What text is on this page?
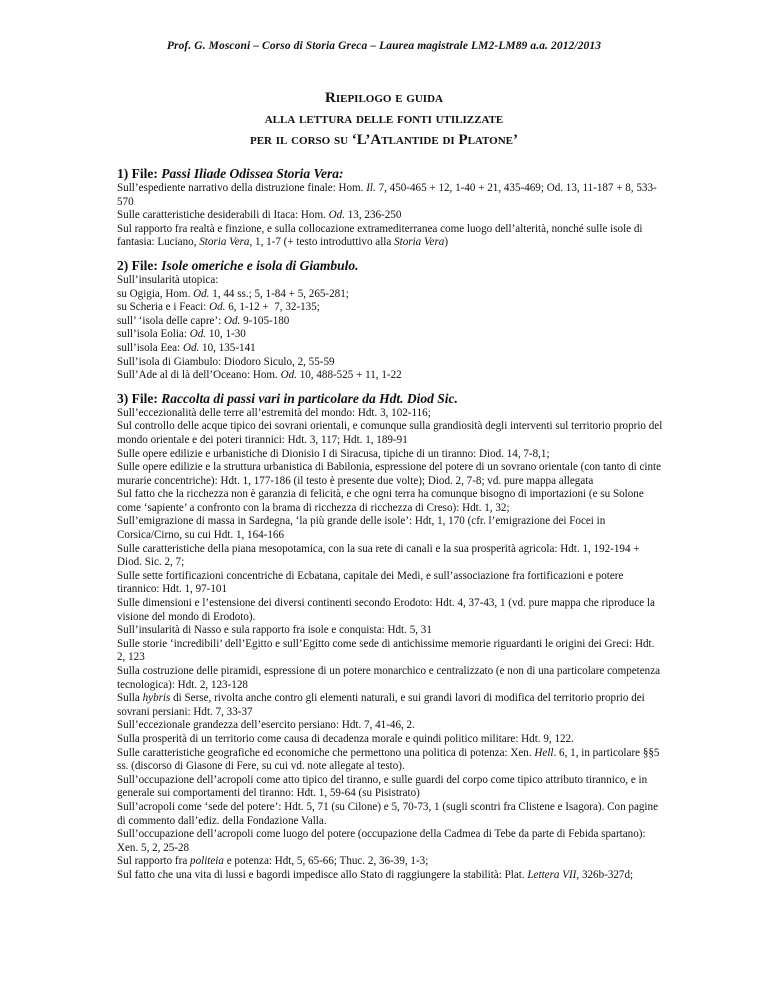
Prof. G. Mosconi – Corso di Storia Greca – Laurea magistrale LM2-LM89 a.a. 2012/2013
Riepilogo e guida
alla lettura delle fonti utilizzate
per il corso su ‘L’Atlantide di Platone’

1) File: Passi Iliade Odissea Storia Vera:

Sull’espediente narrativo della distruzione finale: Hom. Il. 7, 450-465 + 12, 1-40 + 21, 435-469; Od. 13, 11-187 + 8, 533-570

Sulle caratteristiche desiderabili di Itaca: Hom. Od. 13, 236-250

Sul rapporto fra realtà e finzione, e sulla collocazione extramediterranea come luogo dell’alterità, nonché sulle isole di fantasia: Luciano, Storia Vera, 1, 1-7 (+ testo introduttivo alla Storia Vera)

2) File: Isole omeriche e isola di Giambulo.

Sull’insularità utopica:

su Ogigia, Hom. Od. 1, 44 ss.; 5, 1-84 + 5, 265-281;

su Scheria e i Feaci: Od. 6, 1-12 +  7, 32-135;

sull’ ‘isola delle capre’: Od. 9-105-180

sull’isola Eolia: Od. 10, 1-30

sull’isola Eea: Od. 10, 135-141

Sull’isola di Giambulo: Diodoro Siculo, 2, 55-59

Sull’Ade al di là dell’Oceano: Hom. Od. 10, 488-525 + 11, 1-22

3) File: Raccolta di passi vari in particolare da Hdt. Diod Sic.

Sull’eccezionalità delle terre all’estremità del mondo: Hdt. 3, 102-116;

Sul controllo delle acque tipico dei sovrani orientali, e comunque sulla grandiosità degli interventi sul territorio proprio del mondo orientale e dei poteri tirannici: Hdt. 3, 117; Hdt. 1, 189-91

Sulle opere edilizie e urbanistiche di Dionisio I di Siracusa, tipiche di un tiranno: Diod. 14, 7-8,1;

Sulle opere edilizie e la struttura urbanistica di Babilonia, espressione del potere di un sovrano orientale (con tanto di cinte murarie concentriche): Hdt. 1, 177-186 (il testo è presente due volte); Diod. 2, 7-8; vd. pure mappa allegata

Sul fatto che la ricchezza non è garanzia di felicità, e che ogni terra ha comunque bisogno di importazioni (e su Solone come ‘sapiente’ a confronto con la brama di ricchezza di ricchezza di Creso): Hdt. 1, 32;

Sull’emigrazione di massa in Sardegna, ‘la più grande delle isole’: Hdt, 1, 170 (cfr. l’emigrazione dei Focei in Corsica/Cirno, su cui Hdt. 1, 164-166

Sulle caratteristiche della piana mesopotamica, con la sua rete di canali e la sua prosperità agricola: Hdt. 1, 192-194 + Diod. Sic. 2, 7;

Sulle sette fortificazioni concentriche di Ecbatana, capitale dei Medi, e sull’associazione fra fortificazioni e potere tirannico: Hdt. 1, 97-101

Sulle dimensioni e l’estensione dei diversi continenti secondo Erodoto: Hdt. 4, 37-43, 1 (vd. pure mappa che riproduce la visione del mondo di Erodoto).

Sull’insularità di Nasso e sula rapporto fra isole e conquista: Hdt. 5, 31

Sulle storie ‘incredibili’ dell’Egitto e sull’Egitto come sede di antichissime memorie riguardanti le origini dei Greci: Hdt. 2, 123

Sulla costruzione delle piramidi, espressione di un potere monarchico e centralizzato (e non di una particolare competenza tecnologica): Hdt. 2, 123-128

Sulla hybris di Serse, rivolta anche contro gli elementi naturali, e sui grandi lavori di modifica del territorio proprio dei sovrani persiani: Hdt. 7, 33-37

Sull’eccezionale grandezza dell’esercito persiano: Hdt. 7, 41-46, 2.

Sulla prosperità di un territorio come causa di decadenza morale e quindi politico militare: Hdt. 9, 122.

Sulle caratteristiche geografiche ed economiche che permettono una politica di potenza: Xen. Hell. 6, 1, in particolare §§5 ss. (discorso di Giasone di Fere, su cui vd. note allegate al testo).

Sull’occupazione dell’acropoli come atto tipico del tiranno, e sulle guardi del corpo come tipico attributo tirannico, e in generale sui comportamenti del tiranno: Hdt. 1, 59-64 (su Pisistrato)

Sull’acropoli come ‘sede del potere’: Hdt. 5, 71 (su Cilone) e 5, 70-73, 1 (sugli scontri fra Clistene e Isagora). Con pagine di commento dall’ediz. della Fondazione Valla.

Sull’occupazione dell’acropoli come luogo del potere (occupazione della Cadmea di Tebe da parte di Febida spartano): Xen. 5, 2, 25-28

Sul rapporto fra politeia e potenza: Hdt, 5, 65-66; Thuc. 2, 36-39, 1-3;

Sul fatto che una vita di lussi e bagordi impedisce allo Stato di raggiungere la stabilità: Plat. Lettera VII, 326b-327d;
